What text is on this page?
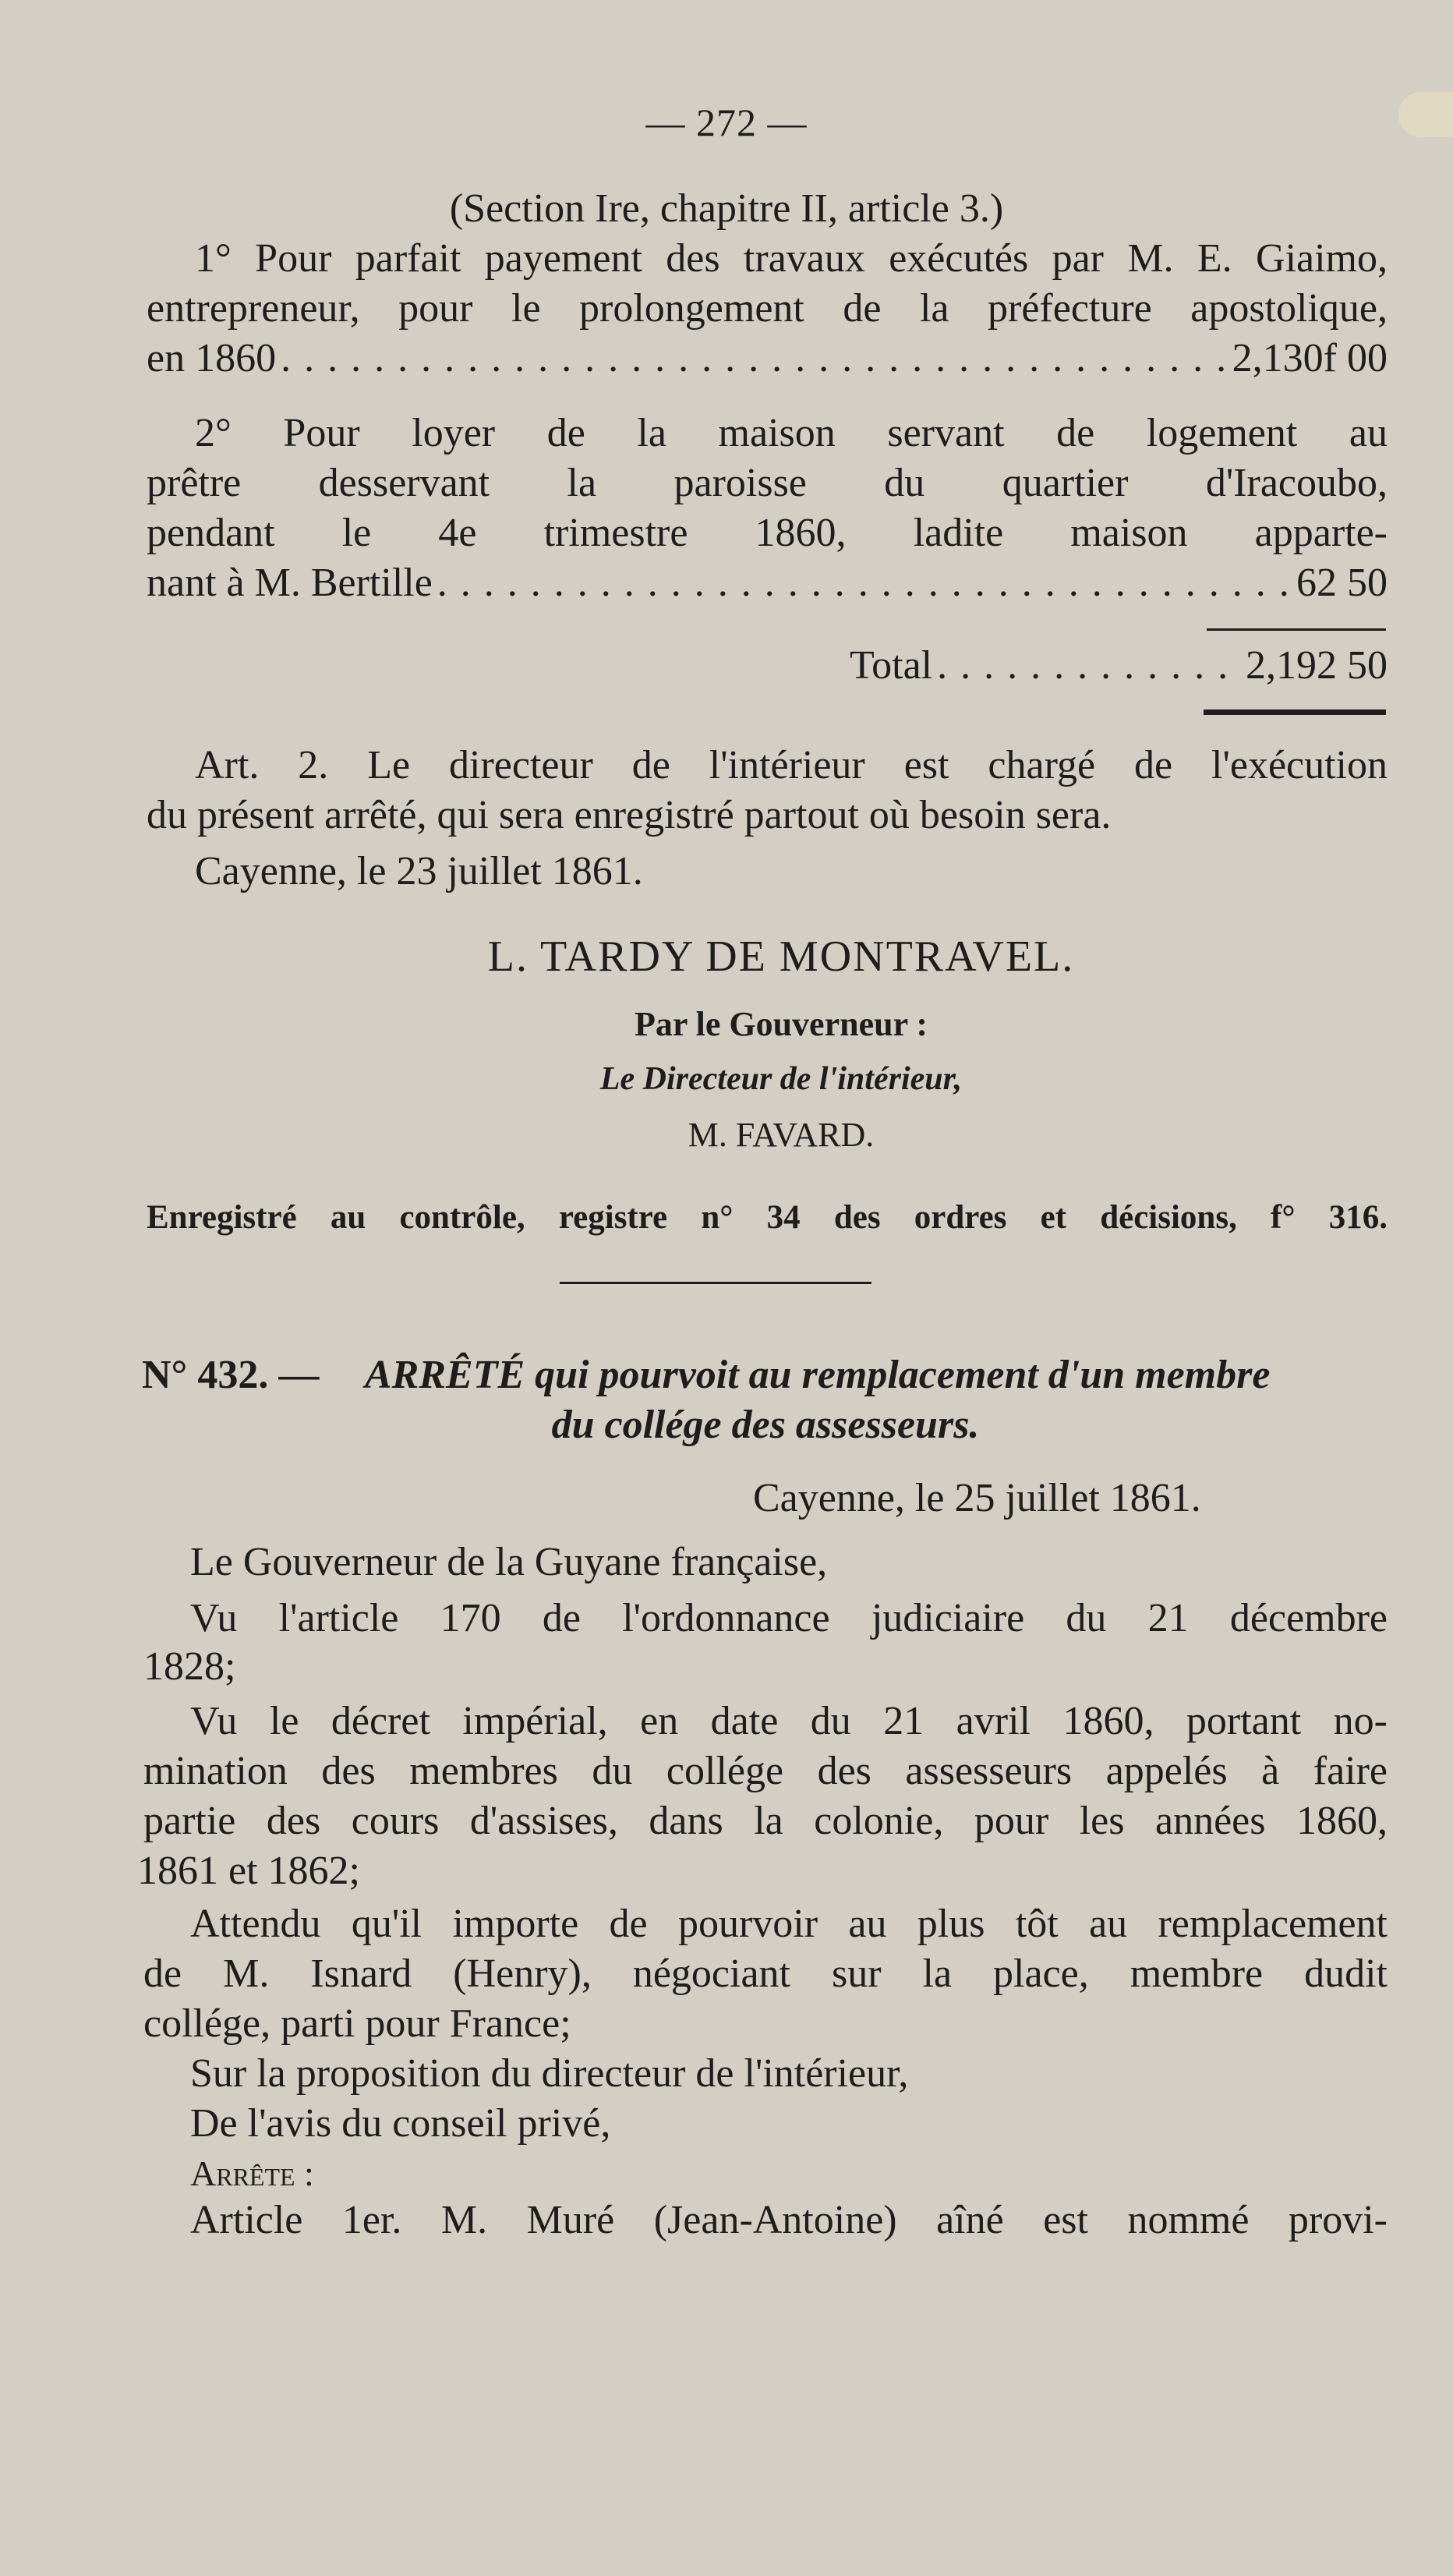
— 272 —
(Section Ire, chapitre II, article 3.)
1° Pour parfait payement des travaux exécutés par M. E. Giaimo,
entrepreneur, pour le prolongement de la préfecture apostolique,
en 1860 . . .	2,130f 00
2° Pour loyer de la maison servant de logement au
prêtre desservant la paroisse du quartier d'Iracoubo,
pendant le 4e trimestre 1860, ladite maison apparte-
nant à M. Bertille . . .	62 50
Total . . .	2,192 50
Art. 2. Le directeur de l'intérieur est chargé de l'exécution
du présent arrêté, qui sera enregistré partout où besoin sera.
Cayenne, le 23 juillet 1861.
L. TARDY DE MONTRAVEL.
Par le Gouverneur :
Le Directeur de l'intérieur,
M. FAVARD.
Enregistré au contrôle, registre n° 34 des ordres et décisions, f° 316.
N° 432. — ARRÊTÉ qui pourvoit au remplacement d'un membre
du collége des assesseurs.
Cayenne, le 25 juillet 1861.
Le Gouverneur de la Guyane française,
Vu l'article 170 de l'ordonnance judiciaire du 21 décembre
1828;
Vu le décret impérial, en date du 21 avril 1860, portant no-
mination des membres du collége des assesseurs appelés à faire
partie des cours d'assises, dans la colonie, pour les années 1860,
1861 et 1862;
Attendu qu'il importe de pourvoir au plus tôt au remplacement
de M. Isnard (Henry), négociant sur la place, membre dudit
collége, parti pour France;
Sur la proposition du directeur de l'intérieur,
De l'avis du conseil privé,
Arrête :
Article 1er. M. Muré (Jean-Antoine) aîné est nommé provi-
